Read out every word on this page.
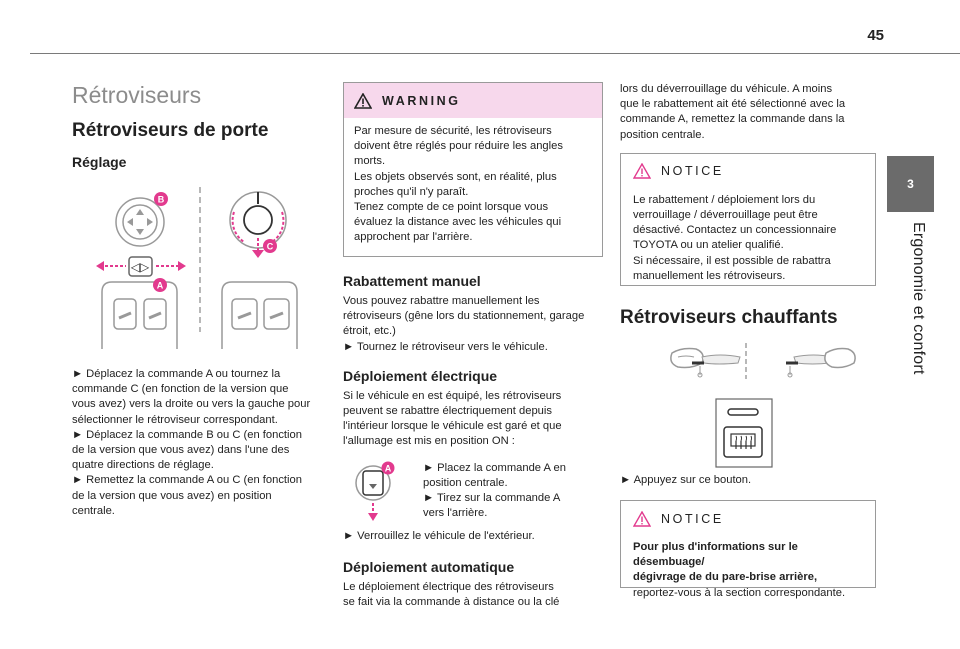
45
3
Ergonomie et confort
Rétroviseurs
Rétroviseurs de porte
Réglage
B
◁▷
A
C

► Déplacez la commande A ou tournez la

commande C (en fonction de la version que

vous avez) vers la droite ou vers la gauche pour

sélectionner le rétroviseur correspondant.

► Déplacez la commande B ou C (en fonction

de la version que vous avez) dans l'une des

quatre directions de réglage.

► Remettez la commande A ou C (en fonction

de la version que vous avez) en position

centrale.

WARNING

Par mesure de sécurité, les rétroviseurs

doivent être réglés pour réduire les angles

morts.

Les objets observés sont, en réalité, plus

proches qu'il n'y paraît.

Tenez compte de ce point lorsque vous

évaluez la distance avec les véhicules qui

approchent par l'arrière.

Rabattement manuel

Vous pouvez rabattre manuellement les

rétroviseurs (gêne lors du stationnement, garage

étroit, etc.)

► Tournez le rétroviseur vers le véhicule.

Déploiement électrique

Si le véhicule en est équipé, les rétroviseurs

peuvent se rabattre électriquement depuis

l'intérieur lorsque le véhicule est garé et que

l'allumage est mis en position ON :

A	► Placez la commande A en

position centrale.

► Tirez sur la commande A

vers l'arrière.

► Verrouillez le véhicule de l'extérieur.

Déploiement automatique

Le déploiement électrique des rétroviseurs

se fait via la commande à distance ou la clé

lors du déverrouillage du véhicule. A moins

que le rabattement ait été sélectionné avec la

commande A, remettez la commande dans la

position centrale.

NOTICE

Le rabattement / déploiement lors du

verrouillage / déverrouillage peut être

désactivé. Contactez un concessionnaire

TOYOTA ou un atelier qualifié.

Si nécessaire, il est possible de rabattra

manuellement les rétroviseurs.

Rétroviseurs chauffants

► Appuyez sur ce bouton.

NOTICE

Pour plus d'informations sur le désembuage/

dégivrage de du pare-brise arrière,

reportez-vous à la section correspondante.
